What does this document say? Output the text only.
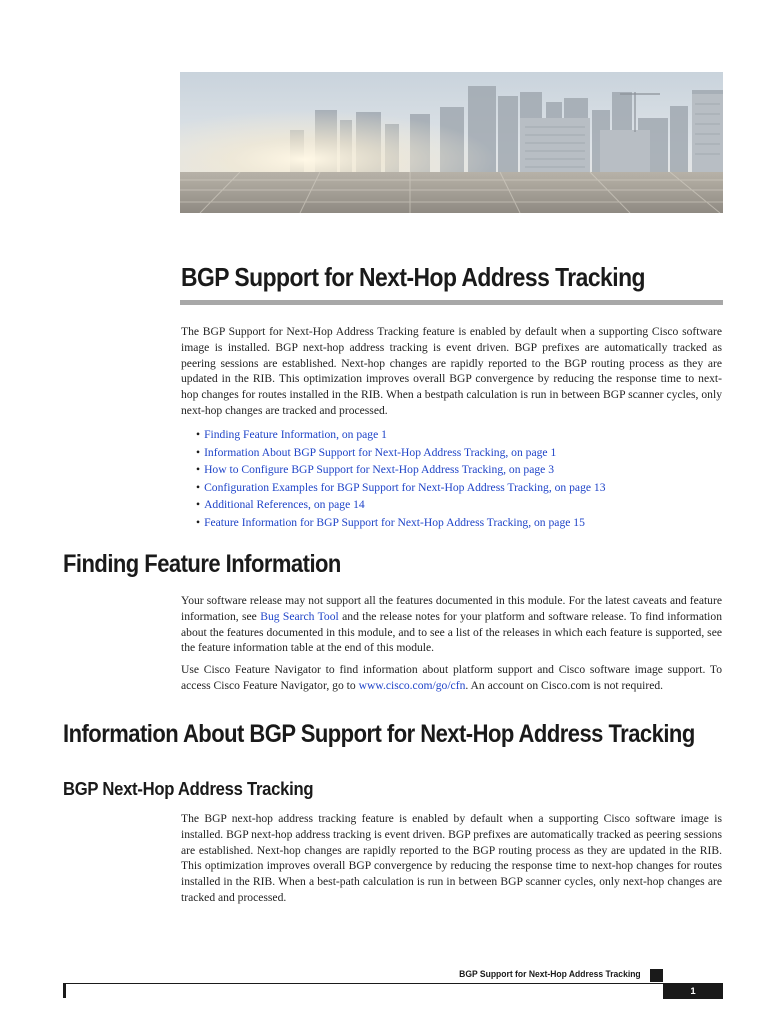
BGP Support for Next-Hop Address Tracking

The BGP Support for Next-Hop Address Tracking feature is enabled by default when a supporting Cisco software image is installed. BGP next-hop address tracking is event driven. BGP prefixes are automatically tracked as peering sessions are established. Next-hop changes are rapidly reported to the BGP routing process as they are updated in the RIB. This optimization improves overall BGP convergence by reducing the response time to next-hop changes for routes installed in the RIB. When a bestpath calculation is run in between BGP scanner cycles, only next-hop changes are tracked and processed.

• Finding Feature Information, on page 1
• Information About BGP Support for Next-Hop Address Tracking, on page 1
• How to Configure BGP Support for Next-Hop Address Tracking, on page 3
• Configuration Examples for BGP Support for Next-Hop Address Tracking, on page 13
• Additional References, on page 14
• Feature Information for BGP Support for Next-Hop Address Tracking, on page 15
Finding Feature Information

Your software release may not support all the features documented in this module. For the latest caveats and feature information, see Bug Search Tool and the release notes for your platform and software release. To find information about the features documented in this module, and to see a list of the releases in which each feature is supported, see the feature information table at the end of this module.

Use Cisco Feature Navigator to find information about platform support and Cisco software image support. To access Cisco Feature Navigator, go to www.cisco.com/go/cfn. An account on Cisco.com is not required.

Information About BGP Support for Next-Hop Address Tracking
BGP Next-Hop Address Tracking

The BGP next-hop address tracking feature is enabled by default when a supporting Cisco software image is installed. BGP next-hop address tracking is event driven. BGP prefixes are automatically tracked as peering sessions are established. Next-hop changes are rapidly reported to the BGP routing process as they are updated in the RIB. This optimization improves overall BGP convergence by reducing the response time to next-hop changes for routes installed in the RIB. When a best-path calculation is run in between BGP scanner cycles, only next-hop changes are tracked and processed.

BGP Support for Next-Hop Address Tracking
1
